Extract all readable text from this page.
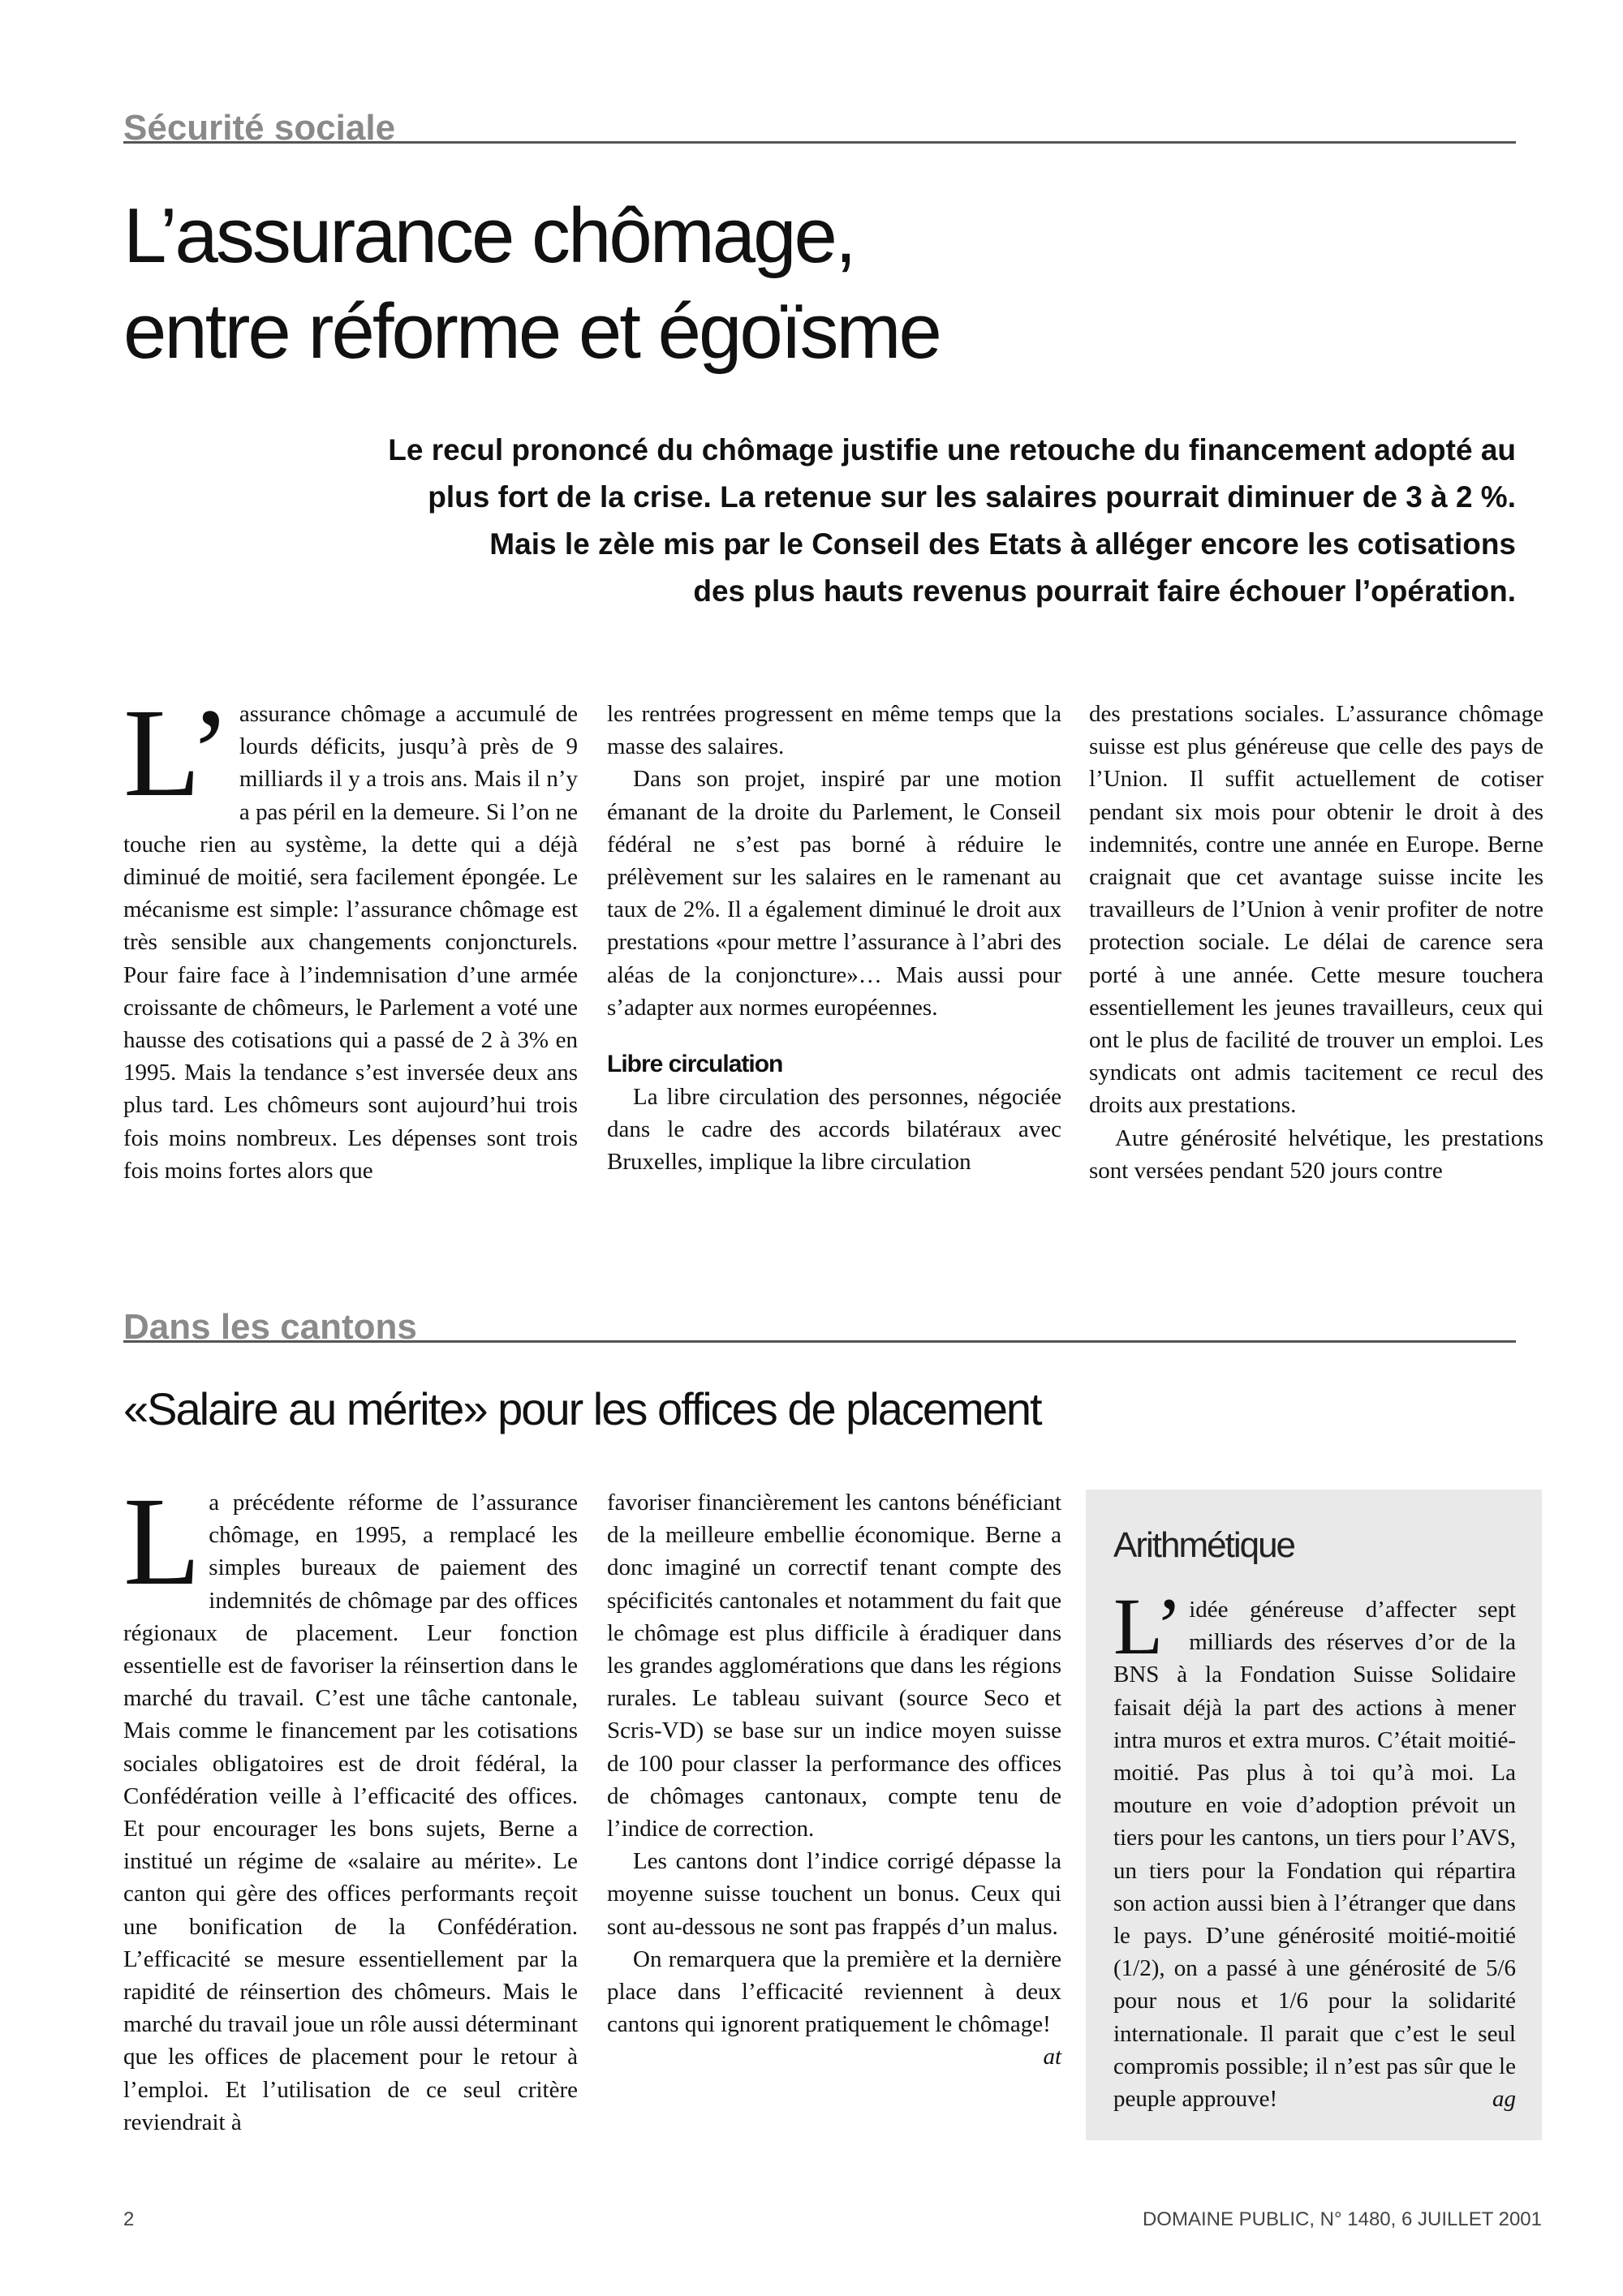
Sécurité sociale
L’assurance chômage,
entre réforme et égoïsme
Le recul prononcé du chômage justifie une retouche du financement adopté au
plus fort de la crise. La retenue sur les salaires pourrait diminuer de 3 à 2 %.
Mais le zèle mis par le Conseil des Etats à alléger encore les cotisations
des plus hauts revenus pourrait faire échouer l’opération.

L’ assurance chômage a accumulé de lourds déficits, jusqu’à près de 9 milliards il y a trois ans. Mais il n’y a pas péril en la demeure. Si l’on ne touche rien au système, la dette qui a déjà diminué de moitié, sera facilement épongée. Le mécanisme est simple: l’assurance chômage est très sensible aux changements conjoncturels. Pour faire face à l’indemnisation d’une armée croissante de chômeurs, le Parlement a voté une hausse des cotisations qui a passé de 2 à 3% en 1995. Mais la tendance s’est inversée deux ans plus tard. Les chômeurs sont aujourd’hui trois fois moins nombreux. Les dépenses sont trois fois moins fortes alors que

les rentrées progressent en même temps que la masse des salaires.

Dans son projet, inspiré par une motion émanant de la droite du Parlement, le Conseil fédéral ne s’est pas borné à réduire le prélèvement sur les salaires en le ramenant au taux de 2%. Il a également diminué le droit aux prestations «pour mettre l’assurance à l’abri des aléas de la conjoncture»… Mais aussi pour s’adapter aux normes européennes.

Libre circulation

La libre circulation des personnes, négociée dans le cadre des accords bilatéraux avec Bruxelles, implique la libre circulation

des prestations sociales. L’assurance chômage suisse est plus généreuse que celle des pays de l’Union. Il suffit actuellement de cotiser pendant six mois pour obtenir le droit à des indemnités, contre une année en Europe. Berne craignait que cet avantage suisse incite les travailleurs de l’Union à venir profiter de notre protection sociale. Le délai de carence sera porté à une année. Cette mesure touchera essentiellement les jeunes travailleurs, ceux qui ont le plus de facilité de trouver un emploi. Les syndicats ont admis tacitement ce recul des droits aux prestations.

Autre générosité helvétique, les prestations sont versées pendant 520 jours contre

Dans les cantons
«Salaire au mérite» pour les offices de placement

La précédente réforme de l’assurance chômage, en 1995, a remplacé les simples bureaux de paiement des indemnités de chômage par des offices régionaux de placement. Leur fonction essentielle est de favoriser la réinsertion dans le marché du travail. C’est une tâche cantonale, Mais comme le financement par les cotisations sociales obligatoires est de droit fédéral, la Confédération veille à l’efficacité des offices. Et pour encourager les bons sujets, Berne a institué un régime de «salaire au mérite». Le canton qui gère des offices performants reçoit une bonification de la Confédération. L’efficacité se mesure essentiellement par la rapidité de réinsertion des chômeurs. Mais le marché du travail joue un rôle aussi déterminant que les offices de placement pour le retour à l’emploi. Et l’utilisation de ce seul critère reviendrait à

favoriser financièrement les cantons bénéficiant de la meilleure embellie économique. Berne a donc imaginé un correctif tenant compte des spécificités cantonales et notamment du fait que le chômage est plus difficile à éradiquer dans les grandes agglomérations que dans les régions rurales. Le tableau suivant (source Seco et Scris-VD) se base sur un indice moyen suisse de 100 pour classer la performance des offices de chômages cantonaux, compte tenu de l’indice de correction.

Les cantons dont l’indice corrigé dépasse la moyenne suisse touchent un bonus. Ceux qui sont au-dessous ne sont pas frappés d’un malus.

On remarquera que la première et la dernière place dans l’efficacité reviennent à deux cantons qui ignorent pratiquement le chômage!
at

Arithmétique

L’ idée généreuse d’affecter sept milliards des réserves d’or de la BNS à la Fondation Suisse Solidaire faisait déjà la part des actions à mener intra muros et extra muros. C’était moitié-moitié. Pas plus à toi qu’à moi. La mouture en voie d’adoption prévoit un tiers pour les cantons, un tiers pour l’AVS, un tiers pour la Fondation qui répartira son action aussi bien à l’étranger que dans le pays. D’une générosité moitié-moitié (1/2), on a passé à une générosité de 5/6 pour nous et 1/6 pour la solidarité internationale. Il parait que c’est le seul compromis possible; il n’est pas sûr que le peuple approuve!	ag

2	DOMAINE PUBLIC, N° 1480, 6 JUILLET 2001
